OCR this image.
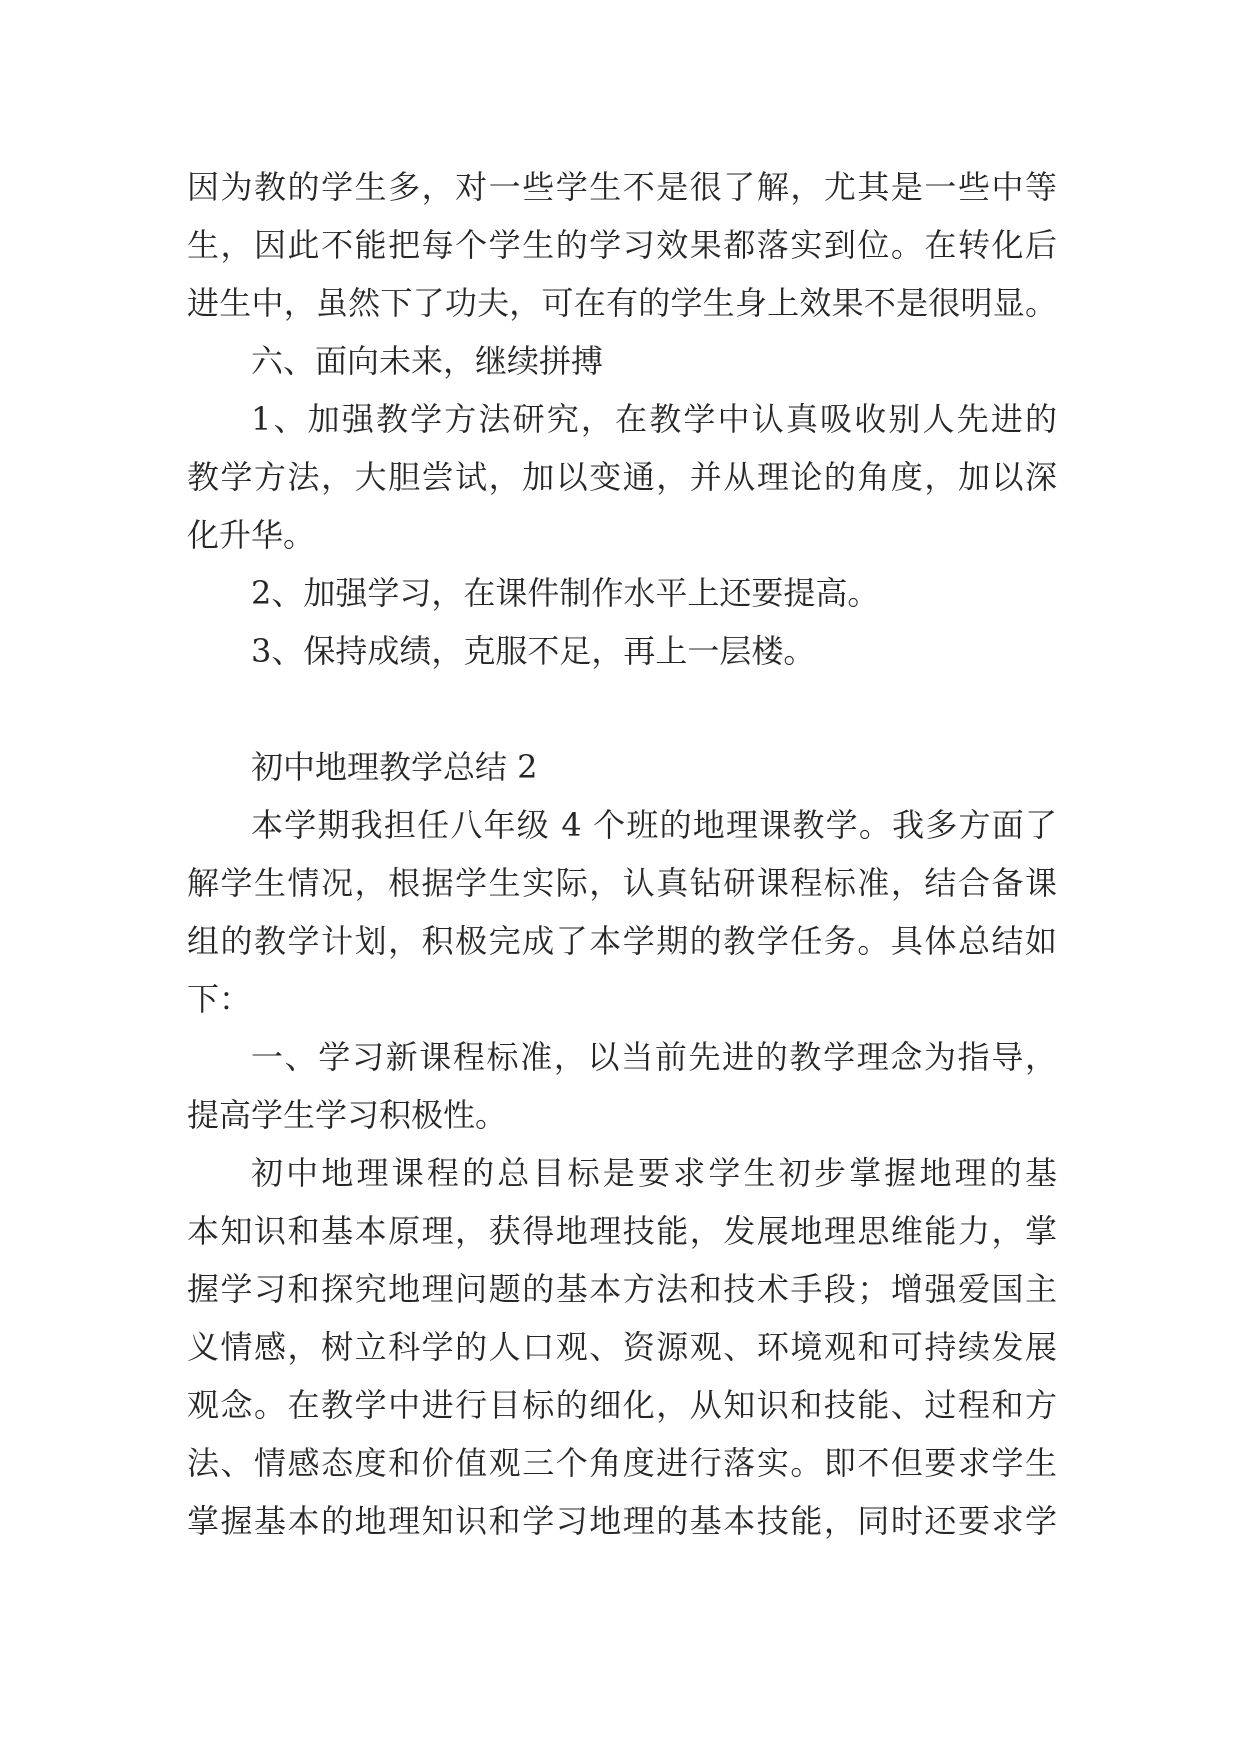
因为教的学生多，对一些学生不是很了解，尤其是一些中等
生，因此不能把每个学生的学习效果都落实到位。在转化后
进生中，虽然下了功夫，可在有的学生身上效果不是很明显。
六、面向未来，继续拼搏
1、加强教学方法研究，在教学中认真吸收别人先进的
教学方法，大胆尝试，加以变通，并从理论的角度，加以深
化升华。
2、加强学习，在课件制作水平上还要提高。
3、保持成绩，克服不足，再上一层楼。
初中地理教学总结 2
本学期我担任八年级 4 个班的地理课教学。我多方面了
解学生情况，根据学生实际，认真钻研课程标准，结合备课
组的教学计划，积极完成了本学期的教学任务。具体总结如
下：
一、学习新课程标准，以当前先进的教学理念为指导，
提高学生学习积极性。
初中地理课程的总目标是要求学生初步掌握地理的基
本知识和基本原理，获得地理技能，发展地理思维能力，掌
握学习和探究地理问题的基本方法和技术手段；增强爱国主
义情感，树立科学的人口观、资源观、环境观和可持续发展
观念。在教学中进行目标的细化，从知识和技能、过程和方
法、情感态度和价值观三个角度进行落实。即不但要求学生
掌握基本的地理知识和学习地理的基本技能，同时还要求学
